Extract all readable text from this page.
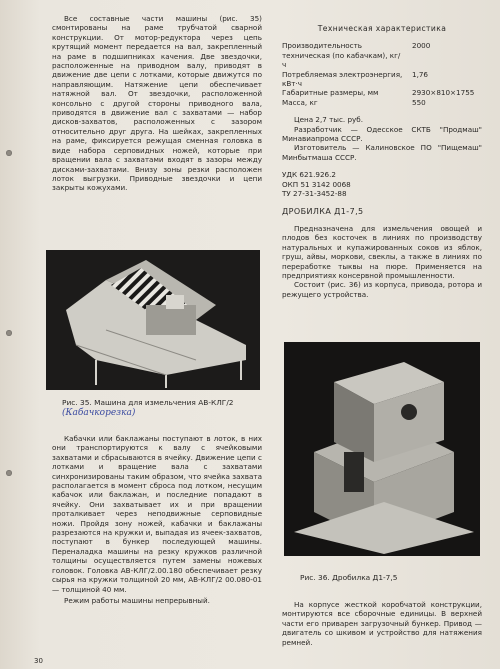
Все составные части машины (рис. 35) смонтированы на раме трубчатой сварной конструкции. От мотор-редуктора через цепь крутящий момент передается на вал, закрепленный на раме в подшипниках качения. Две звездочки, расположенные на приводном валу, приводят в движение две цепи с лотками, которые движутся по направляющим. Натяжение цепи обеспечивает натяжной вал. От звездочки, расположенной консольно с другой стороны приводного вала, приводятся в движение вал с захватами — набор дисков-захватов, расположенных с зазором относительно друг друга. На шейках, закрепленных на раме, фиксируется режущая сменная головка в виде набора серповидных ножей, которые при вращении вала с захватами входят в зазоры между дисками-захватами. Внизу зоны резки расположен лоток выгрузки. Приводные звездочки и цепи закрыты кожухами.

Рис. 35. Машина для измельчения АВ-КЛГ/2
(Кабачкорезка)

Кабачки или баклажаны поступают в лоток, в них они транспортируются к валу с ячейковыми захватами и сбрасываются в ячейку. Движение цепи с лотками и вращение вала с захватами синхронизированы таким образом, что ячейка захвата располагается в момент сброса под лотком, несущим кабачок или баклажан, и последние попадают в ячейку. Они захватывает их и при вращении проталкивает через неподвижные серповидные ножи. Пройдя зону ножей, кабачки и баклажаны разрезаются на кружки и, выпадая из ячеек-захватов, поступают в бункер последующей машины. Переналадка машины на резку кружков различной толщины осуществляется путем замены ножевых головок. Головка АВ-КЛГ/2.00.180 обеспечивает резку сырья на кружки толщиной 20 мм, АВ-КЛГ/2 00.080-01 — толщиной 40 мм.

Режим работы машины непрерывный.

Техническая характеристика

Производительность техническая (по кабачкам), кг/ч
2000
Потребляемая электроэнергия, кВт·ч
1,76
Габаритные размеры, мм	2930×810×1755
Масса, кг	550

Цена 2,7 тыс. руб.

Разработчик — Одесское СКТБ "Продмаш" Минавиапрома СССР.

Изготовитель — Калиновское ПО "Пищемаш" Минбытмаша СССР.

УДК 621.926.2

ОКП 51 3142 0068

ТУ 27-31-3452-88

ДРОБИЛКА Д1-7,5

Предназначена для измельчения овощей и плодов без косточек в линиях по производству натуральных и купажированных соков из яблок, груш, айвы, моркови, свеклы, а также в линиях по переработке тыквы на пюре. Применяется на предприятиях консервной промышленности.

Состоит (рис. 36) из корпуса, привода, ротора и режущего устройства.

Рис. 36. Дробилка Д1-7,5

На корпусе жесткой коробчатой конструкции, монтируются все сборочные единицы. В верхней части его приварен загрузочный бункер. Привод — двигатель со шкивом и устройство для натяжения ремней.

30
